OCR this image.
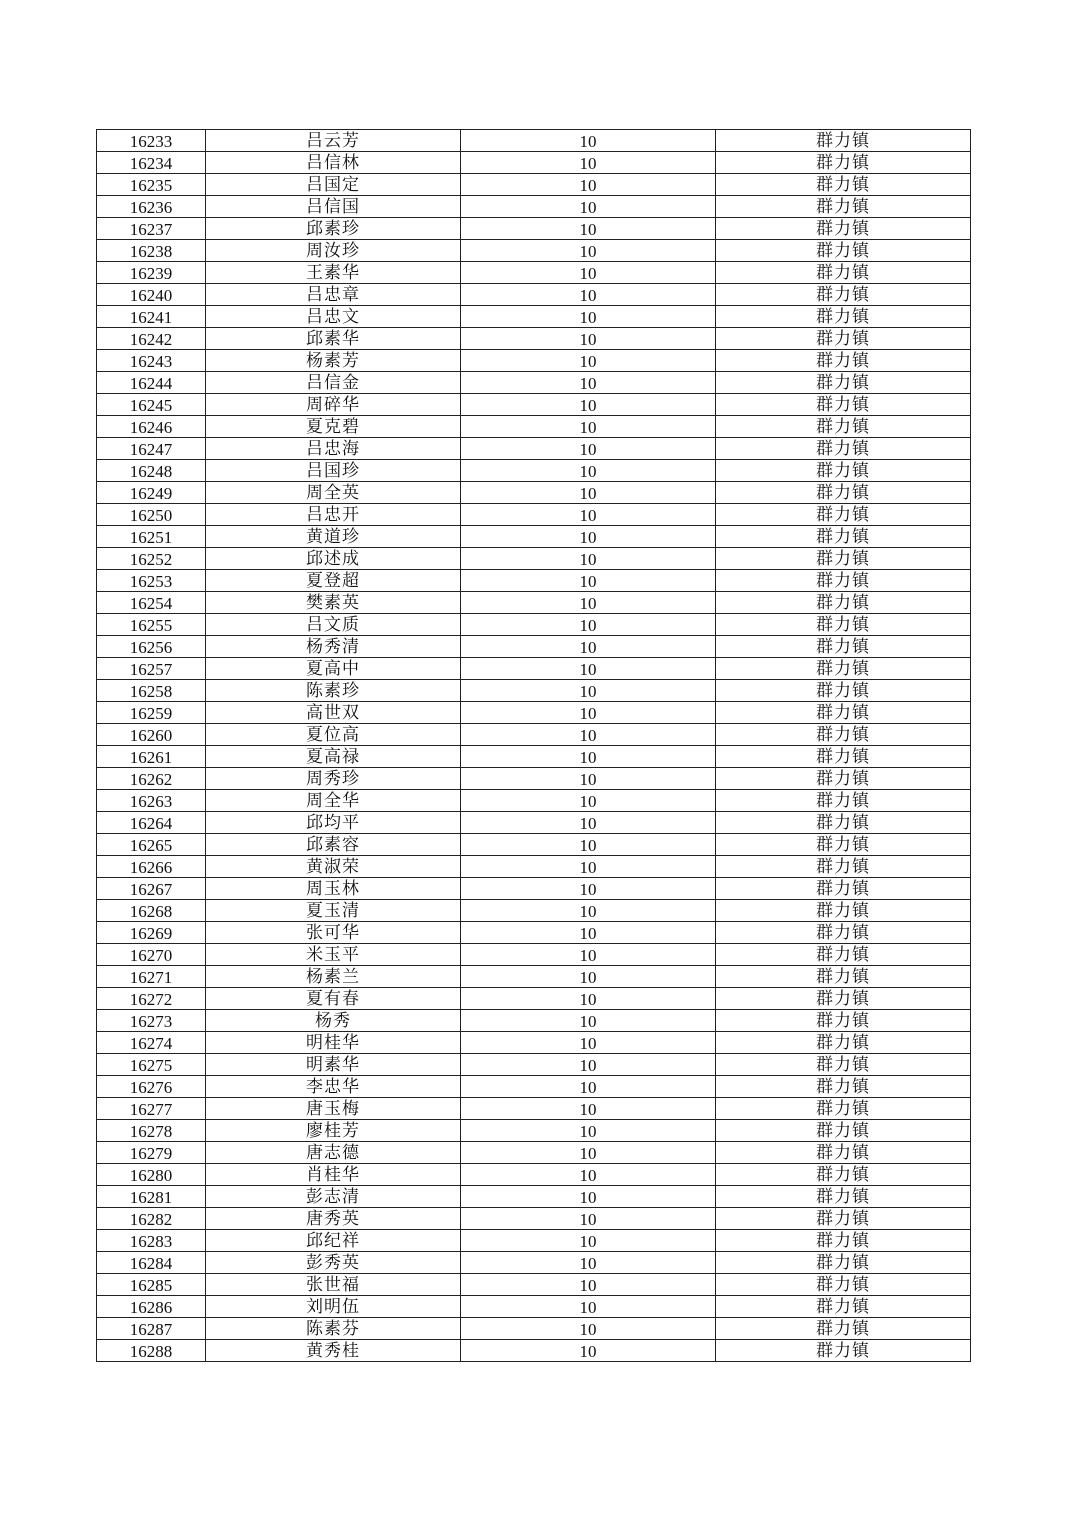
16233	吕云芳	10	群力镇
16234	吕信林	10	群力镇
16235	吕国定	10	群力镇
16236	吕信国	10	群力镇
16237	邱素珍	10	群力镇
16238	周汝珍	10	群力镇
16239	王素华	10	群力镇
16240	吕忠章	10	群力镇
16241	吕忠文	10	群力镇
16242	邱素华	10	群力镇
16243	杨素芳	10	群力镇
16244	吕信金	10	群力镇
16245	周碎华	10	群力镇
16246	夏克碧	10	群力镇
16247	吕忠海	10	群力镇
16248	吕国珍	10	群力镇
16249	周全英	10	群力镇
16250	吕忠开	10	群力镇
16251	黄道珍	10	群力镇
16252	邱述成	10	群力镇
16253	夏登超	10	群力镇
16254	樊素英	10	群力镇
16255	吕文质	10	群力镇
16256	杨秀清	10	群力镇
16257	夏高中	10	群力镇
16258	陈素珍	10	群力镇
16259	高世双	10	群力镇
16260	夏位高	10	群力镇
16261	夏高禄	10	群力镇
16262	周秀珍	10	群力镇
16263	周全华	10	群力镇
16264	邱均平	10	群力镇
16265	邱素容	10	群力镇
16266	黄淑荣	10	群力镇
16267	周玉林	10	群力镇
16268	夏玉清	10	群力镇
16269	张可华	10	群力镇
16270	米玉平	10	群力镇
16271	杨素兰	10	群力镇
16272	夏有春	10	群力镇
16273	杨秀	10	群力镇
16274	明桂华	10	群力镇
16275	明素华	10	群力镇
16276	李忠华	10	群力镇
16277	唐玉梅	10	群力镇
16278	廖桂芳	10	群力镇
16279	唐志德	10	群力镇
16280	肖桂华	10	群力镇
16281	彭志清	10	群力镇
16282	唐秀英	10	群力镇
16283	邱纪祥	10	群力镇
16284	彭秀英	10	群力镇
16285	张世福	10	群力镇
16286	刘明伍	10	群力镇
16287	陈素芬	10	群力镇
16288	黄秀桂	10	群力镇
